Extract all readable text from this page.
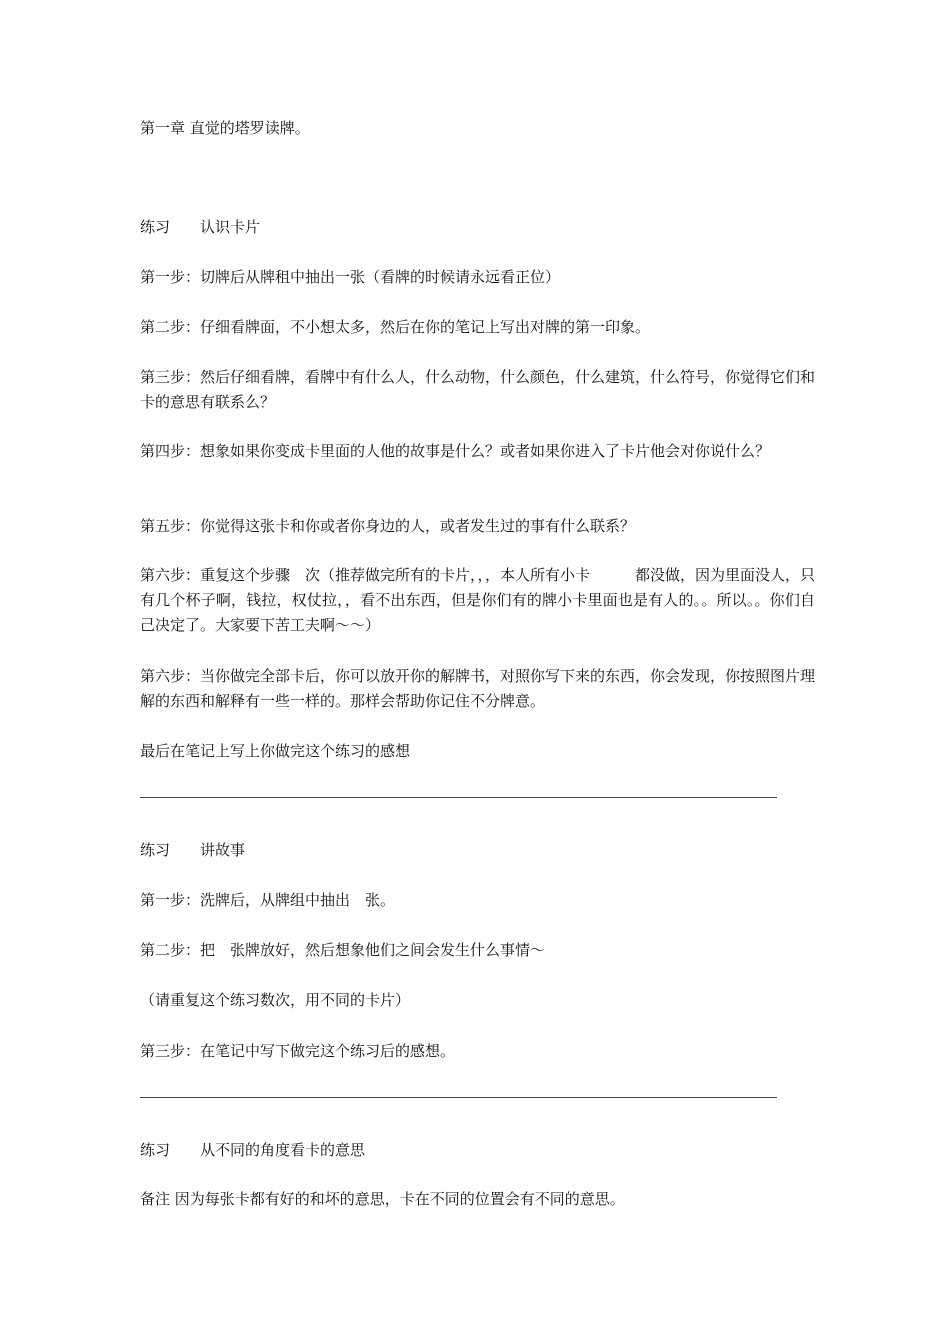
第一章 直觉的塔罗读牌。
练习 认识卡片
第一步：切牌后从牌租中抽出一张（看牌的时候请永远看正位）
第二步：仔细看牌面，不小想太多，然后在你的笔记上写出对牌的第一印象。
第三步：然后仔细看牌，看牌中有什么人，什么动物，什么颜色，什么建筑，什么符号，你觉得它们和卡的意思有联系么？
第四步：想象如果你变成卡里面的人他的故事是什么？或者如果你进入了卡片他会对你说什么？
第五步：你觉得这张卡和你或者你身边的人，或者发生过的事有什么联系？
第六步：重复这个步骤　次（推荐做完所有的卡片，，，本人所有小卡　　　都没做，因为里面没人，只有几个杯子啊，钱拉，权仗拉，，看不出东西，但是你们有的牌小卡里面也是有人的。。所以。。你们自己决定了。大家要下苦工夫啊～～）
第六步：当你做完全部卡后，你可以放开你的解牌书，对照你写下来的东西，你会发现，你按照图片理解的东西和解释有一些一样的。那样会帮助你记住不分牌意。
最后在笔记上写上你做完这个练习的感想
练习 讲故事
第一步：洗牌后，从牌组中抽出　张。
第二步：把　张牌放好，然后想象他们之间会发生什么事情～
（请重复这个练习数次，用不同的卡片）
第三步：在笔记中写下做完这个练习后的感想。
练习 从不同的角度看卡的意思
备注 因为每张卡都有好的和坏的意思，卡在不同的位置会有不同的意思。
